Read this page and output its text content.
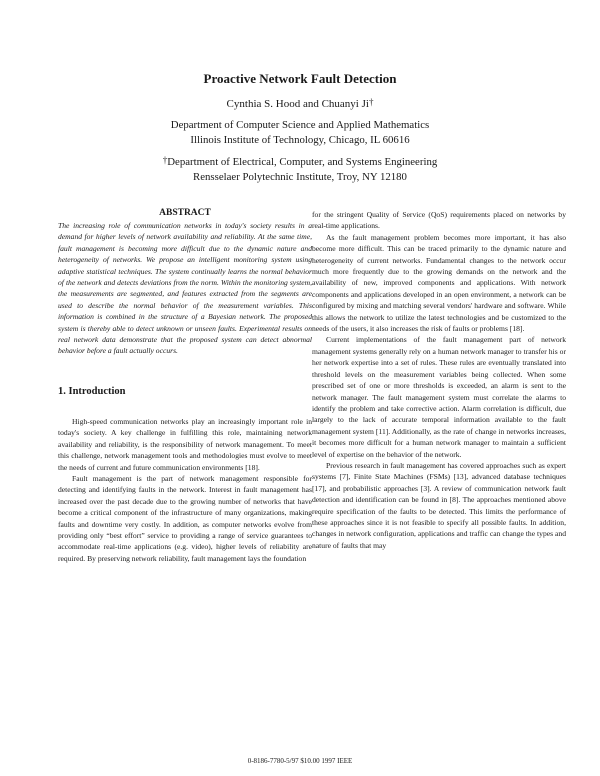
Proactive Network Fault Detection
Cynthia S. Hood and Chuanyi Ji†
Department of Computer Science and Applied Mathematics
Illinois Institute of Technology, Chicago, IL 60616
†Department of Electrical, Computer, and Systems Engineering
Rensselaer Polytechnic Institute, Troy, NY 12180
ABSTRACT

The increasing role of communication networks in today's society results in a demand for higher levels of network availability and reliability. At the same time, fault management is becoming more difficult due to the dynamic nature and heterogeneity of networks. We propose an intelligent monitoring system using adaptive statistical techniques. The system continually learns the normal behavior of the network and detects deviations from the norm. Within the monitoring system, the measurements are segmented, and features extracted from the segments are used to describe the normal behavior of the measurement variables. This information is combined in the structure of a Bayesian network. The proposed system is thereby able to detect unknown or unseen faults. Experimental results on real network data demonstrate that the proposed system can detect abnormal behavior before a fault actually occurs.

1. Introduction

High-speed communication networks play an increasingly important role in today's society. A key challenge in fulfilling this role, maintaining network availability and reliability, is the responsibility of network management. To meet this challenge, network management tools and methodologies must evolve to meet the needs of current and future communication environments [18].

Fault management is the part of network management responsible for detecting and identifying faults in the network. Interest in fault management has increased over the past decade due to the growing number of networks that have become a critical component of the infrastructure of many organizations, making faults and downtime very costly. In addition, as computer networks evolve from providing only “best effort” service to providing a range of service guarantees to accommodate real-time applications (e.g. video), higher levels of reliability are required. By preserving network reliability, fault management lays the foundation

for the stringent Quality of Service (QoS) requirements placed on networks by real-time applications.

As the fault management problem becomes more important, it has also become more difficult. This can be traced primarily to the dynamic nature and heterogeneity of current networks. Fundamental changes to the network occur much more frequently due to the growing demands on the network and the availability of new, improved components and applications. With network components and applications developed in an open environment, a network can be configured by mixing and matching several vendors' hardware and software. While this allows the network to utilize the latest technologies and be customized to the needs of the users, it also increases the risk of faults or problems [18].

Current implementations of the fault management part of network management systems generally rely on a human network manager to transfer his or her network expertise into a set of rules. These rules are eventually translated into threshold levels on the measurement variables being collected. When some prescribed set of one or more thresholds is exceeded, an alarm is sent to the network manager. The fault management system must correlate the alarms to identify the problem and take corrective action. Alarm correlation is difficult, due largely to the lack of accurate temporal information available to the fault management system [11]. Additionally, as the rate of change in networks increases, it becomes more difficult for a human network manager to maintain a sufficient level of expertise on the behavior of the network.

Previous research in fault management has covered approaches such as expert systems [7], Finite State Machines (FSMs) [13], advanced database techniques [17], and probabilistic approaches [3]. A review of communication network fault detection and identification can be found in [8]. The approaches mentioned above require specification of the faults to be detected. This limits the performance of these approaches since it is not feasible to specify all possible faults. In addition, changes in network configuration, applications and traffic can change the types and nature of faults that may

0-8186-7780-5/97 $10.00 1997 IEEE
